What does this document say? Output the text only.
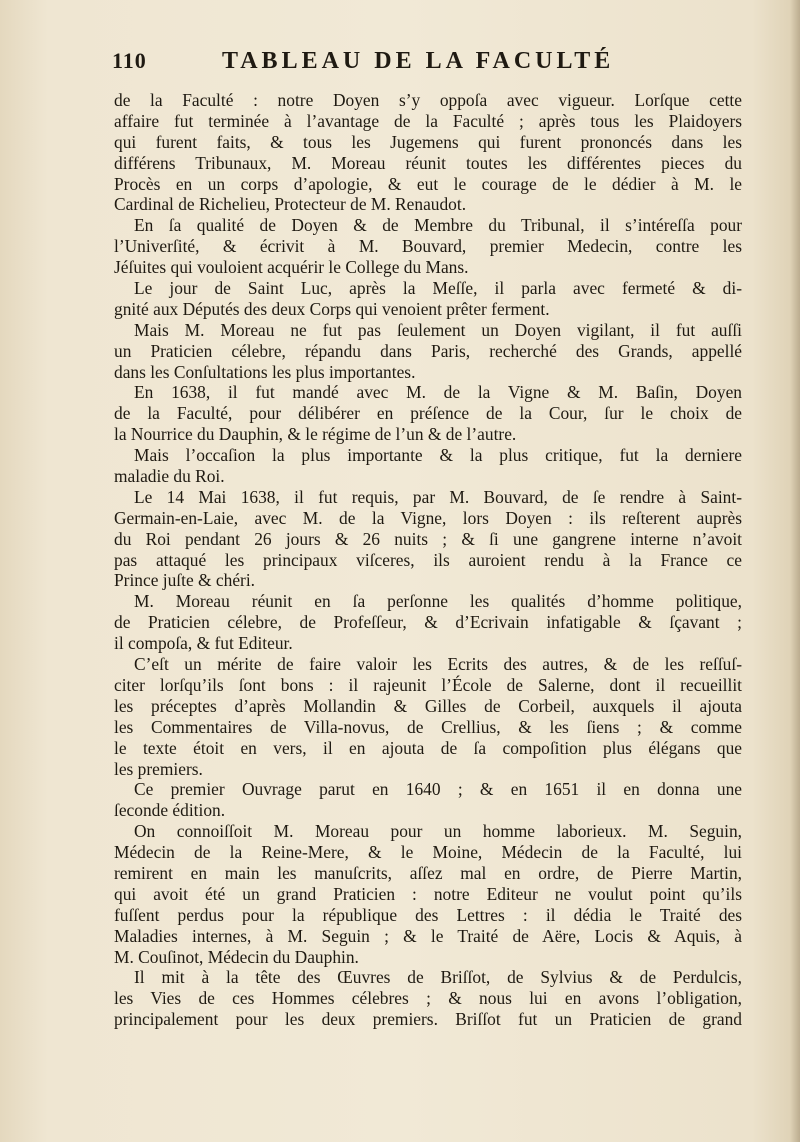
110	TABLEAU DE LA FACULTÉ
de la Faculté : notre Doyen s’y oppoſa avec vigueur. Lorſque cette
affaire fut terminée à l’avantage de la Faculté ; après tous les Plaidoyers
qui furent faits, & tous les Jugemens qui furent prononcés dans les
différens Tribunaux, M. Moreau réunit toutes les différentes pieces du
Procès en un corps d’apologie, & eut le courage de le dédier à M. le
Cardinal de Richelieu, Protecteur de M. Renaudot.
En ſa qualité de Doyen & de Membre du Tribunal, il s’intéreſſa pour
l’Univerſité, & écrivit à M. Bouvard, premier Medecin, contre les
Jéſuites qui vouloient acquérir le College du Mans.
Le jour de Saint Luc, après la Meſſe, il parla avec fermeté & di-
gnité aux Députés des deux Corps qui venoient prêter ferment.
Mais M. Moreau ne fut pas ſeulement un Doyen vigilant, il fut auſſi
un Praticien célebre, répandu dans Paris, recherché des Grands, appellé
dans les Conſultations les plus importantes.
En 1638, il fut mandé avec M. de la Vigne & M. Baſin, Doyen
de la Faculté, pour délibérer en préſence de la Cour, ſur le choix de
la Nourrice du Dauphin, & le régime de l’un & de l’autre.
Mais l’occaſion la plus importante & la plus critique, fut la derniere
maladie du Roi.
Le 14 Mai 1638, il fut requis, par M. Bouvard, de ſe rendre à Saint-
Germain-en-Laie, avec M. de la Vigne, lors Doyen : ils reſterent auprès
du Roi pendant 26 jours & 26 nuits ; & ſi une gangrene interne n’avoit
pas attaqué les principaux viſceres, ils auroient rendu à la France ce
Prince juſte & chéri.
M. Moreau réunit en ſa perſonne les qualités d’homme politique,
de Praticien célebre, de Profeſſeur, & d’Ecrivain infatigable & ſçavant ;
il compoſa, & fut Editeur.
C’eſt un mérite de faire valoir les Ecrits des autres, & de les reſſuſ-
citer lorſqu’ils ſont bons : il rajeunit l’École de Salerne, dont il recueillit
les préceptes d’après Mollandin & Gilles de Corbeil, auxquels il ajouta
les Commentaires de Villa-novus, de Crellius, & les ſiens ; & comme
le texte étoit en vers, il en ajouta de ſa compoſition plus élégans que
les premiers.
Ce premier Ouvrage parut en 1640 ; & en 1651 il en donna une
ſeconde édition.
On connoiſſoit M. Moreau pour un homme laborieux. M. Seguin,
Médecin de la Reine-Mere, & le Moine, Médecin de la Faculté, lui
remirent en main les manuſcrits, aſſez mal en ordre, de Pierre Martin,
qui avoit été un grand Praticien : notre Editeur ne voulut point qu’ils
fuſſent perdus pour la république des Lettres : il dédia le Traité des
Maladies internes, à M. Seguin ; & le Traité de Aëre, Locis & Aquis, à
M. Couſinot, Médecin du Dauphin.
Il mit à la tête des Œuvres de Briſſot, de Sylvius & de Perdulcis,
les Vies de ces Hommes célebres ; & nous lui en avons l’obligation,
principalement pour les deux premiers. Briſſot fut un Praticien de grand
